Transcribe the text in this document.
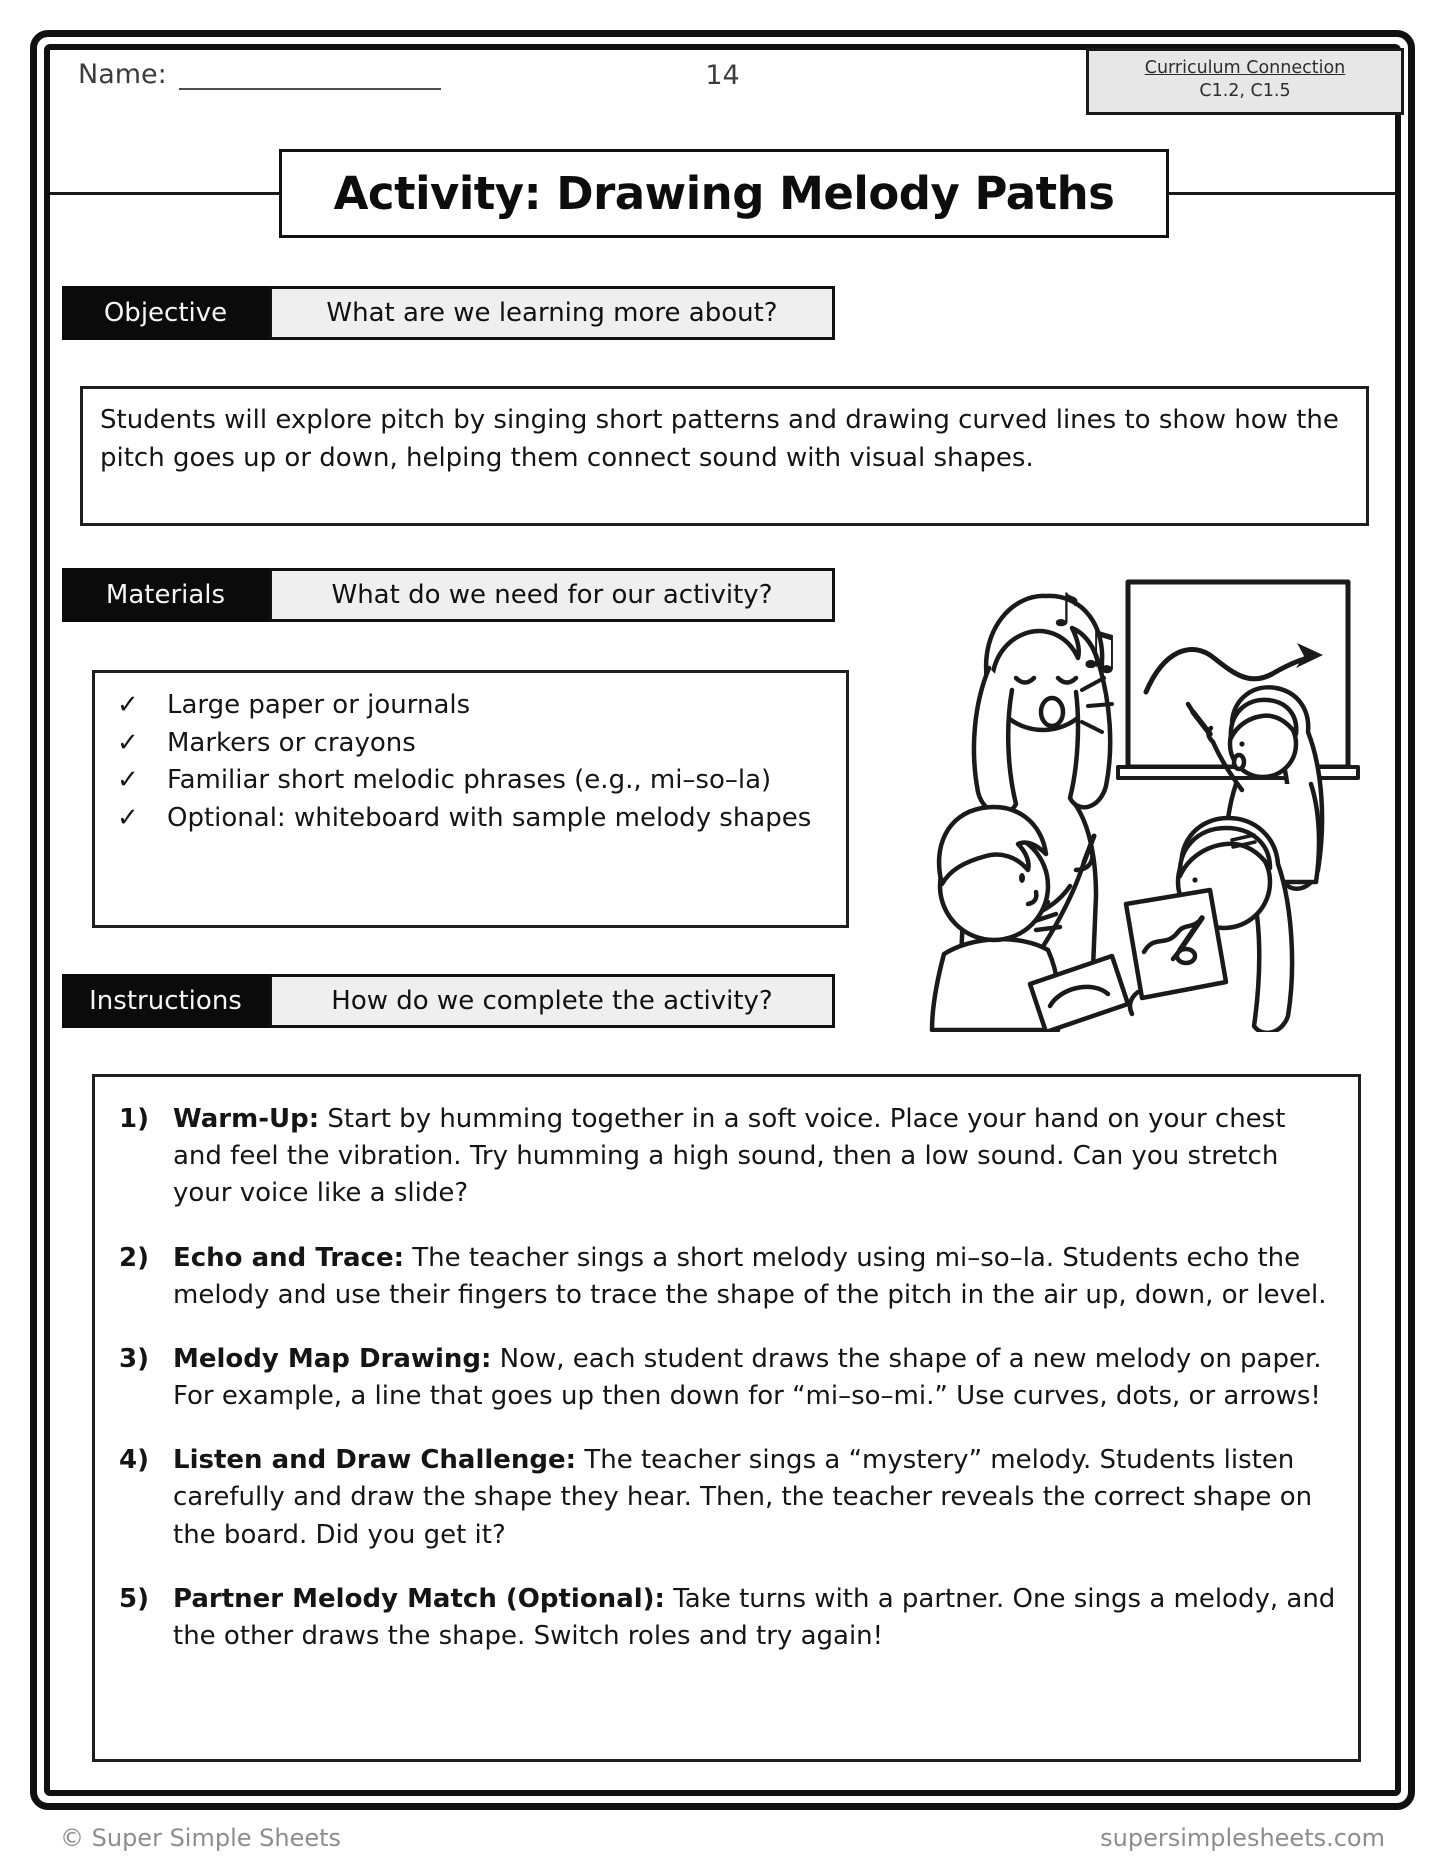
Name:	14	Curriculum Connection
C1.2, C1.5
Activity: Drawing Melody Paths
Objective	What are we learning more about?
Students will explore pitch by singing short patterns and drawing curved lines to show how the pitch goes up or down, helping them connect sound with visual shapes.
Materials	What do we need for our activity?
✓	Large paper or journals
✓	Markers or crayons
✓	Familiar short melodic phrases (e.g., mi–so–la)
✓	Optional: whiteboard with sample melody shapes
♪
♫
Instructions	How do we complete the activity?
1) Warm-Up: Start by humming together in a soft voice. Place your hand on your chest and feel the vibration. Try humming a high sound, then a low sound. Can you stretch your voice like a slide?
2) Echo and Trace: The teacher sings a short melody using mi–so–la. Students echo the melody and use their fingers to trace the shape of the pitch in the air up, down, or level.
3) Melody Map Drawing: Now, each student draws the shape of a new melody on paper. For example, a line that goes up then down for “mi–so–mi.” Use curves, dots, or arrows!
4) Listen and Draw Challenge: The teacher sings a “mystery” melody. Students listen carefully and draw the shape they hear. Then, the teacher reveals the correct shape on the board. Did you get it?
5) Partner Melody Match (Optional): Take turns with a partner. One sings a melody, and the other draws the shape. Switch roles and try again!
© Super Simple Sheets	supersimplesheets.com
